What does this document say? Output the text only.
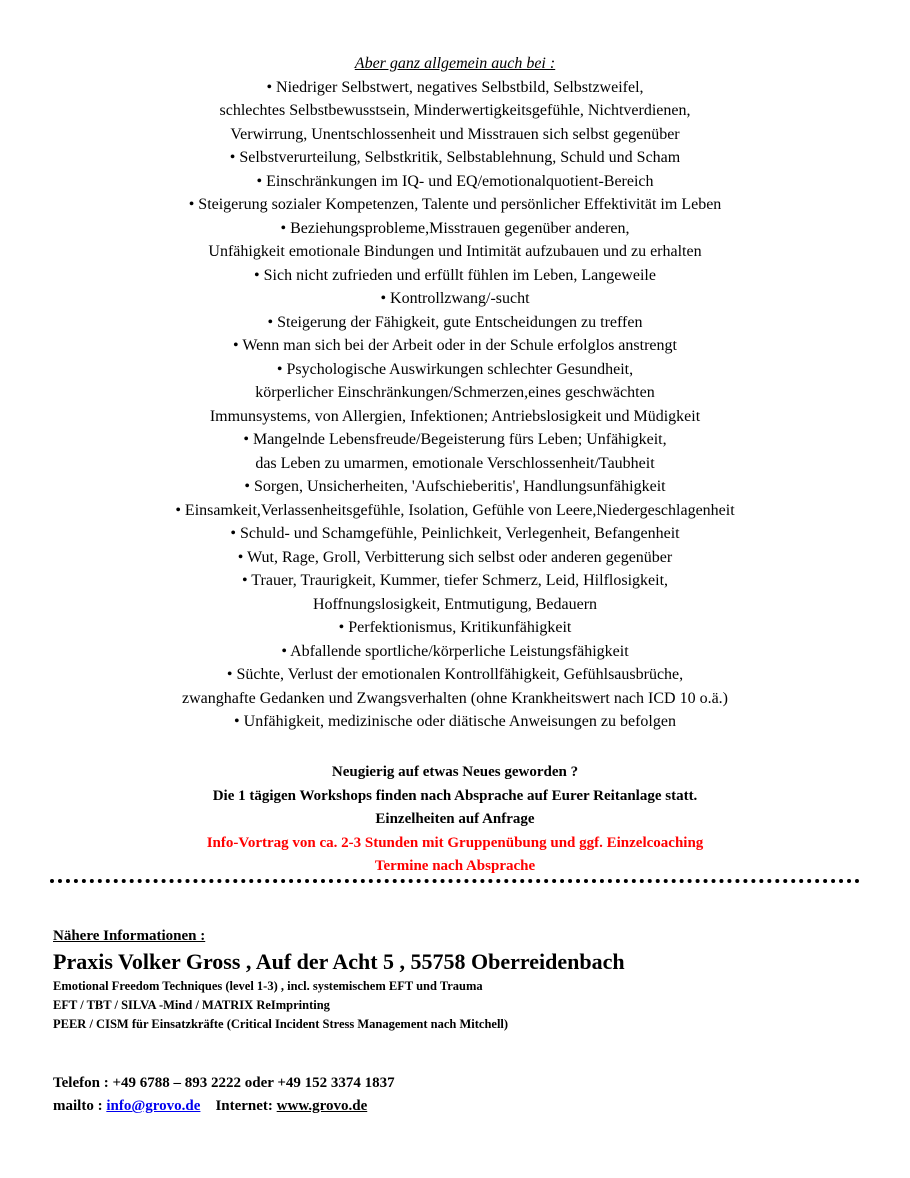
Aber ganz allgemein auch bei :
• Niedriger Selbstwert, negatives Selbstbild, Selbstzweifel,
schlechtes Selbstbewusstsein, Minderwertigkeitsgefühle, Nichtverdienen,
Verwirrung, Unentschlossenheit und Misstrauen sich selbst gegenüber
• Selbstverurteilung, Selbstkritik, Selbstablehnung, Schuld und Scham
• Einschränkungen im IQ- und EQ/emotionalquotient-Bereich
• Steigerung sozialer Kompetenzen, Talente und persönlicher Effektivität im Leben
• Beziehungsprobleme,Misstrauen gegenüber anderen,
Unfähigkeit emotionale Bindungen und Intimität aufzubauen und zu erhalten
• Sich nicht zufrieden und erfüllt fühlen im Leben, Langeweile
• Kontrollzwang/-sucht
• Steigerung der Fähigkeit, gute Entscheidungen zu treffen
• Wenn man sich bei der Arbeit oder in der Schule erfolglos anstrengt
• Psychologische Auswirkungen schlechter Gesundheit,
körperlicher Einschränkungen/Schmerzen,eines geschwächten
Immunsystems, von Allergien, Infektionen; Antriebslosigkeit und Müdigkeit
• Mangelnde Lebensfreude/Begeisterung fürs Leben; Unfähigkeit,
das Leben zu umarmen, emotionale Verschlossenheit/Taubheit
• Sorgen, Unsicherheiten, 'Aufschieberitis', Handlungsunfähigkeit
• Einsamkeit,Verlassenheitsgefühle, Isolation, Gefühle von Leere,Niedergeschlagenheit
• Schuld- und Schamgefühle, Peinlichkeit, Verlegenheit, Befangenheit
• Wut, Rage, Groll, Verbitterung sich selbst oder anderen gegenüber
• Trauer, Traurigkeit, Kummer, tiefer Schmerz, Leid, Hilflosigkeit,
Hoffnungslosigkeit, Entmutigung, Bedauern
• Perfektionismus, Kritikunfähigkeit
• Abfallende sportliche/körperliche Leistungsfähigkeit
• Süchte, Verlust der emotionalen Kontrollfähigkeit, Gefühlsausbrüche,
zwanghafte Gedanken und Zwangsverhalten (ohne Krankheitswert nach ICD 10 o.ä.)
• Unfähigkeit, medizinische oder diätische Anweisungen zu befolgen
Neugierig auf etwas Neues geworden ?
Die 1 tägigen Workshops finden nach Absprache auf Eurer Reitanlage statt.
Einzelheiten auf Anfrage
Info-Vortrag von ca. 2-3 Stunden mit Gruppenübung und ggf. Einzelcoaching
Termine nach Absprache
Nähere Informationen :
Praxis Volker Gross , Auf der Acht 5 , 55758 Oberreidenbach
Emotional Freedom Techniques (level 1-3) , incl. systemischem EFT und Trauma
EFT / TBT / SILVA -Mind / MATRIX ReImprinting
PEER / CISM für Einsatzkräfte (Critical Incident Stress Management nach Mitchell)
Telefon : +49 6788 – 893 2222 oder +49 152 3374 1837
mailto : info@grovo.de Internet: www.grovo.de
